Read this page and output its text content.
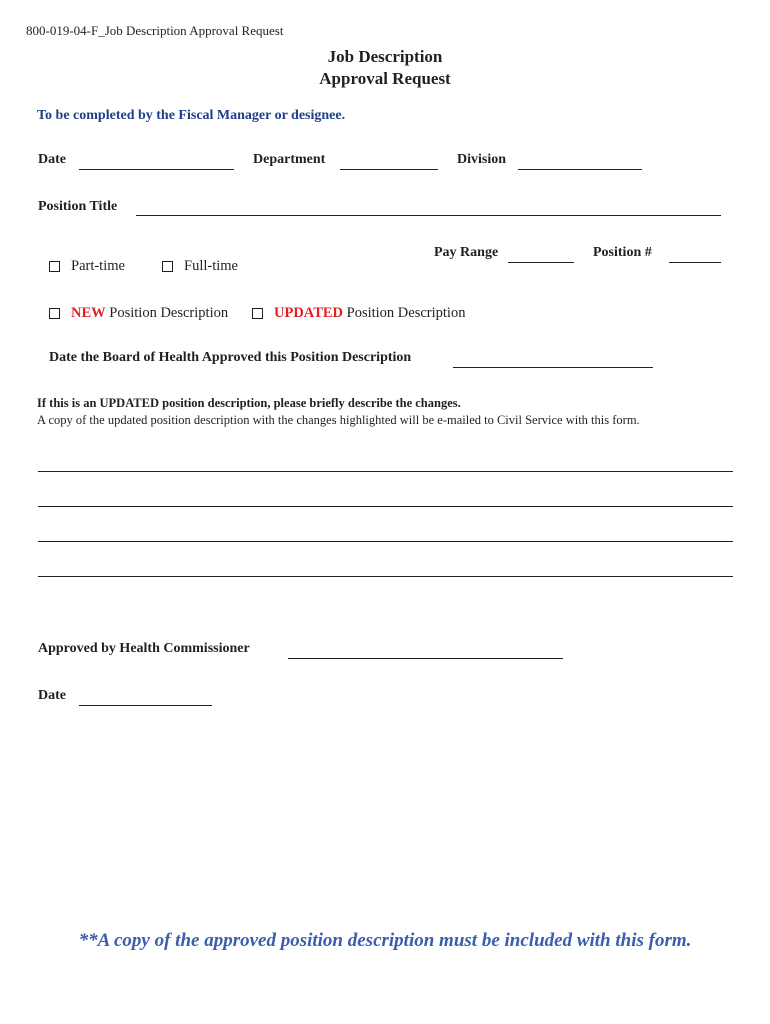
800-019-04-F_Job Description Approval Request
Job Description
Approval Request
To be completed by the Fiscal Manager or designee.
Date	Department	Division
Position Title
Pay Range	Position #
Part-time	Full-time
NEW Position Description	UPDATED Position Description
Date the Board of Health Approved this Position Description
If this is an UPDATED position description, please briefly describe the changes.
A copy of the updated position description with the changes highlighted will be e-mailed to Civil Service with this form.
Approved by Health Commissioner
Date
**A copy of the approved position description must be included with this form.
